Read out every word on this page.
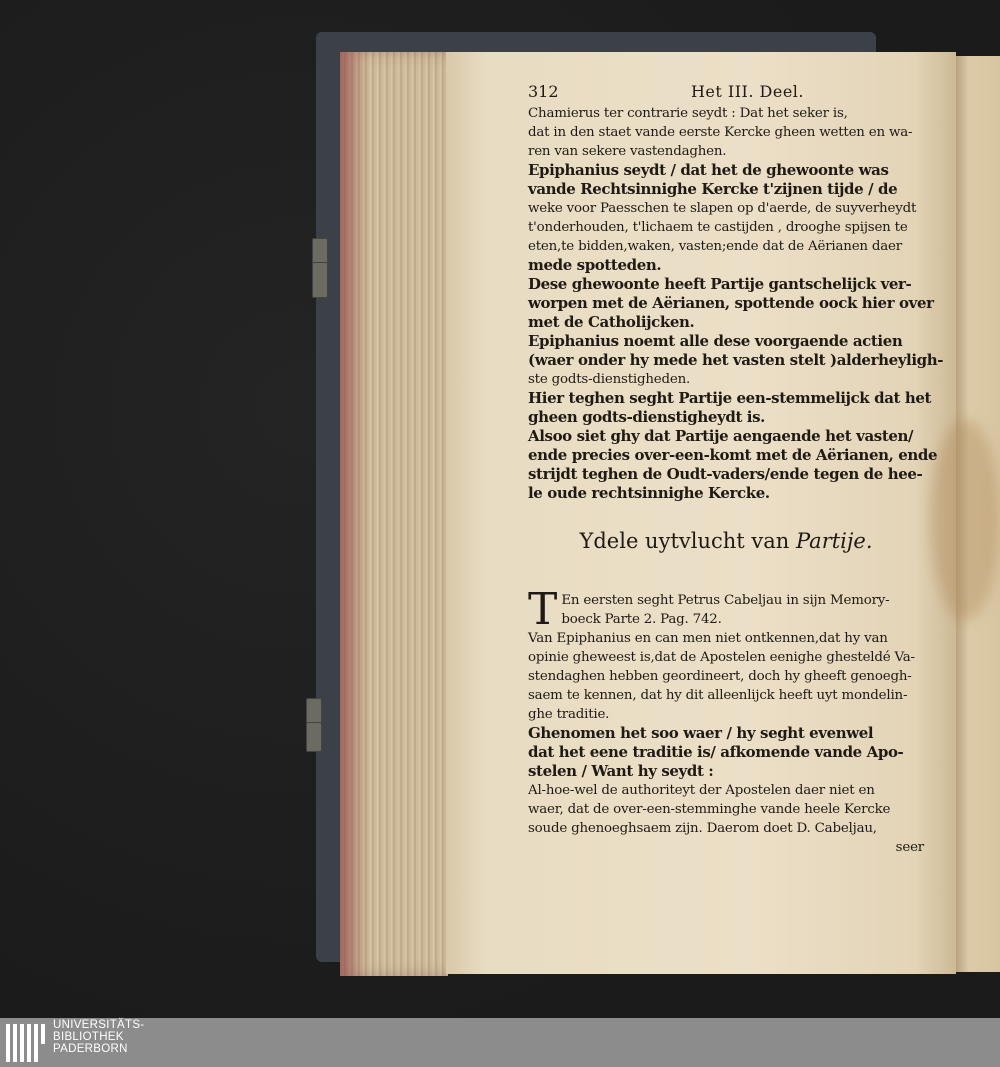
312	Het III. Deel.
Chamierus ter contrarie seydt : Dat het seker is,
dat in den staet vande eerste Kercke gheen wetten en wa-
ren van sekere vastendaghen.
Epiphanius seydt / dat het de ghewoonte was
vande Rechtsinnighe Kercke t'zijnen tijde / de
weke voor Paesschen te slapen op d'aerde, de suyverheydt
t'onderhouden, t'lichaem te castijden , drooghe spijsen te
eten,te bidden,waken, vasten;ende dat de Aërianen daer
mede spotteden.
Dese ghewoonte heeft Partije gantschelijck ver-
worpen met de Aërianen, spottende oock hier over
met de Catholijcken.
Epiphanius noemt alle dese voorgaende actien
(waer onder hy mede het vasten stelt )alderheyligh-
ste godts-dienstigheden.
Hier teghen seght Partije een-stemmelijck dat het
gheen godts-dienstigheydt is.
Alsoo siet ghy dat Partije aengaende het vasten/
ende precies over-een-komt met de Aërianen, ende
strijdt teghen de Oudt-vaders/ende tegen de hee-
le oude rechtsinnighe Kercke.
Ydele uytvlucht van Partije.
T En eersten seght Petrus Cabeljau in sijn Memory-
boeck Parte 2. Pag. 742.
Van Epiphanius en can men niet ontkennen,dat hy van
opinie gheweest is,dat de Apostelen eenighe ghesteldé Va-
stendaghen hebben geordineert, doch hy gheeft genoegh-
saem te kennen, dat hy dit alleenlijck heeft uyt mondelin-
ghe traditie.
Ghenomen het soo waer / hy seght evenwel
dat het eene traditie is/ afkomende vande Apo-
stelen / Want hy seydt :
Al-hoe-wel de authoriteyt der Apostelen daer niet en
waer, dat de over-een-stemminghe vande heele Kercke
soude ghenoeghsaem zijn. Daerom doet D. Cabeljau,
seer
UNIVERSITÄTS-
BIBLIOTHEK
PADERBORN
